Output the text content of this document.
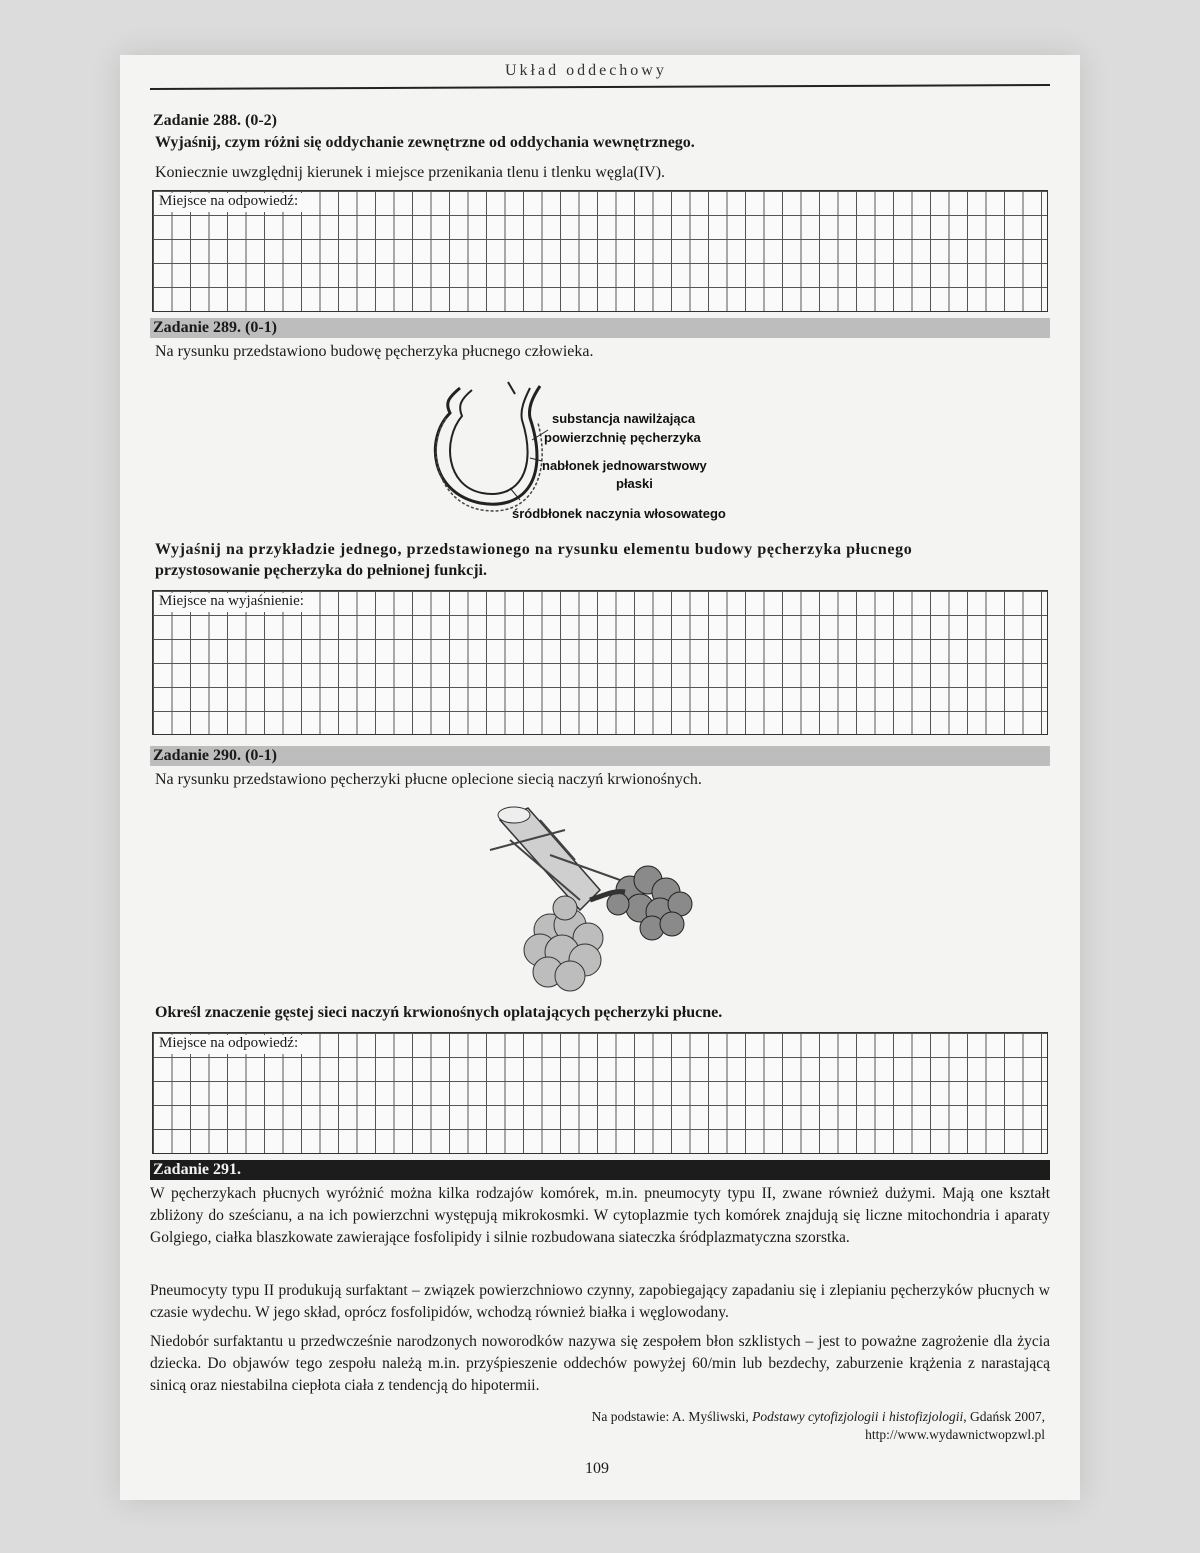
Układ oddechowy
Zadanie 288. (0-2)
Wyjaśnij, czym różni się oddychanie zewnętrzne od oddychania wewnętrznego.
Koniecznie uwzględnij kierunek i miejsce przenikania tlenu i tlenku węgla(IV).
Miejsce na odpowiedź:
Zadanie 289. (0-1)
Na rysunku przedstawiono budowę pęcherzyka płucnego człowieka.
substancja nawilżająca
powierzchnię pęcherzyka
nabłonek jednowarstwowy
płaski
śródbłonek naczynia włosowatego
Wyjaśnij na przykładzie jednego, przedstawionego na rysunku elementu budowy pęcherzyka płucnego
przystosowanie pęcherzyka do pełnionej funkcji.
Miejsce na wyjaśnienie:
Zadanie 290. (0-1)
Na rysunku przedstawiono pęcherzyki płucne oplecione siecią naczyń krwionośnych.
Określ znaczenie gęstej sieci naczyń krwionośnych oplatających pęcherzyki płucne.
Miejsce na odpowiedź:
Zadanie 291.
W pęcherzykach płucnych wyróżnić można kilka rodzajów komórek, m.in. pneumocyty typu II, zwane również dużymi. Mają one kształt zbliżony do sześcianu, a na ich powierzchni występują mikrokosmki. W cytoplazmie tych komórek znajdują się liczne mitochondria i aparaty Golgiego, ciałka blaszkowate zawierające fosfolipidy i silnie rozbudowana siateczka śródplazmatyczna szorstka.
Pneumocyty typu II produkują surfaktant – związek powierzchniowo czynny, zapobiegający zapadaniu się i zlepianiu pęcherzyków płucnych w czasie wydechu. W jego skład, oprócz fosfolipidów, wchodzą również białka i węglowodany.
Niedobór surfaktantu u przedwcześnie narodzonych noworodków nazywa się zespołem błon szklistych – jest to poważne zagrożenie dla życia dziecka. Do objawów tego zespołu należą m.in. przyśpieszenie oddechów powyżej 60/min lub bezdechy, zaburzenie krążenia z narastającą sinicą oraz niestabilna ciepłota ciała z tendencją do hipotermii.
Na podstawie: A. Myśliwski, Podstawy cytofizjologii i histofizjologii, Gdańsk 2007,
http://www.wydawnictwopzwl.pl
109
